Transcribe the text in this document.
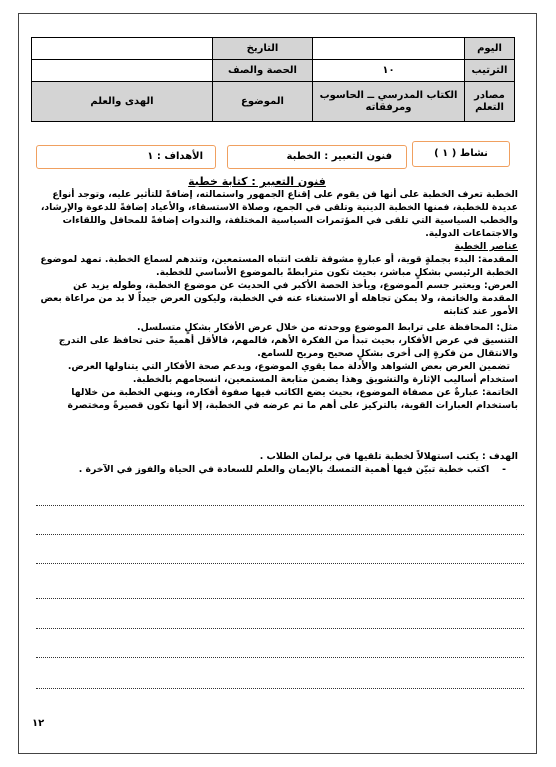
اليوم		التاريخ	
الترتيب	١٠	الحصة والصف	
مصادر التعلم	الكتاب المدرسي ــ الحاسوب ومرفقاته	الموضوع	الهدى والعلم
نشاط ( ١ )
فنون التعبير : الخطبة
الأهداف : ١

فنون التعبير : كتابة خطبة

الخطبة تعرف الخطبة على أنها فن يقوم على إقناع الجمهور واستمالته، إضافةً للتأثير عليه، وتوجد أنواع عديدة للخطبة، فمنها الخطبة الدينية وتلقى في الجمع، وصلاة الاستسقاء، والأعياد إضافةً للدعوة والإرشاد، والخطب السياسية التي تلقى في المؤتمرات السياسية المختلفة، والندوات إضافةً للمحافل واللقاءات والاجتماعات الدولية.

عناصر الخطبة

المقدمة: البدء بجملةٍ قوية، أو عبارةٍ مشوقة تلفت انتباه المستمعين، وتندهم لسماع الخطبة. تمهد لموضوع الخطبة الرئيسي بشكلٍ مباشر، بحيث تكون مترابطةً بالموضوع الأساسي للخطبة.

العرض: ويعتبر جسم الموضوع، ويأخذ الحصة الأكبر في الحديث عن موضوع الخطبة، وطوله يزيد عن المقدمة والخاتمة، ولا يمكن تجاهله أو الاستغناء عنه في الخطبة، وليكون العرض جيداً لا بد من مراعاة بعض الأمور عند كتابته

مثل: المحافظة على ترابط الموضوع ووحدته من خلال عرض الأفكار بشكلٍ متسلسل.

التنسيق في عرض الأفكار، بحيث تبدأ من الفكرة الأهم، فالمهم، فالأقل أهميةً حتى تحافظ على التدرج والانتقال من فكرةٍ إلى أخرى بشكلٍ صحيح ومريح للسامع.

تضمين العرض بعض الشواهد والأدلة مما يقوي الموضوع، ويدعم صحة الأفكار التي يتناولها العرض.

استخدام أساليب الإثارة والتشويق وهذا يضمن متابعة المستمعين، انسجامهم بالخطبة.

الخاتمة: عبارةٌ عن مصفاة الموضوع، بحيث يضع الكاتب فيها صفوة أفكاره، وينهي الخطبة من خلالها باستخدام العبارات القوية، بالتركيز على أهم ما تم عرضه في الخطبة، إلا أنها تكون قصيرةً ومختصرة

الهدف : يكتب استهلالاً لخطبة تلقيها في برلمان الطلاب .

-    اكتب خطبة تبيّن فيها أهمية التمسك بالإيمان والعلم للسعادة في الحياة والفوز في الآخرة .

١٢
